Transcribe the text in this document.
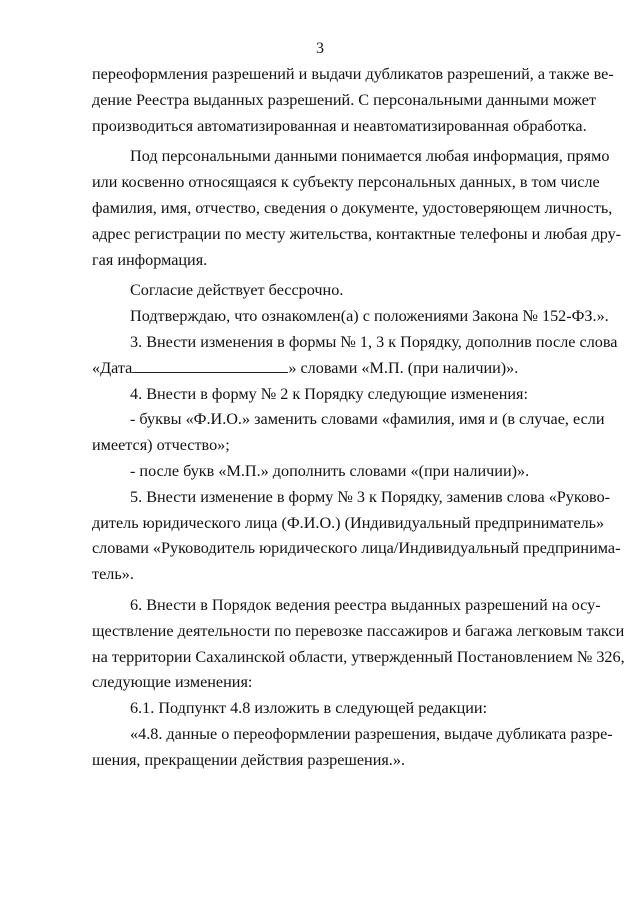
3

переоформления разрешений и выдачи дубликатов разрешений, а также ве-

дение Реестра выданных разрешений. С персональными данными может

производиться автоматизированная и неавтоматизированная обработка.

Под персональными данными понимается любая информация, прямо

или косвенно относящаяся к субъекту персональных данных, в том числе

фамилия, имя, отчество, сведения о документе, удостоверяющем личность,

адрес регистрации по месту жительства, контактные телефоны и любая дру-

гая информация.

Согласие действует бессрочно.

Подтверждаю, что ознакомлен(а) с положениями Закона № 152-ФЗ.».

3. Внести изменения в формы № 1, 3 к Порядку, дополнив после слова

«Дата	» словами «М.П. (при наличии)».

4. Внести в форму № 2 к Порядку следующие изменения:

- буквы «Ф.И.О.» заменить словами «фамилия, имя и (в случае, если

имеется) отчество»;

- после букв «М.П.» дополнить словами «(при наличии)».

5. Внести изменение в форму № 3 к Порядку, заменив слова «Руково-

дитель юридического лица (Ф.И.О.) (Индивидуальный предприниматель»

словами «Руководитель юридического лица/Индивидуальный предпринима-

тель».

6. Внести в Порядок ведения реестра выданных разрешений на осу-

ществление деятельности по перевозке пассажиров и багажа легковым такси

на территории Сахалинской области, утвержденный Постановлением № 326,

следующие изменения:

6.1. Подпункт 4.8 изложить в следующей редакции:

«4.8. данные о переоформлении разрешения, выдаче дубликата разре-

шения, прекращении действия разрешения.».
